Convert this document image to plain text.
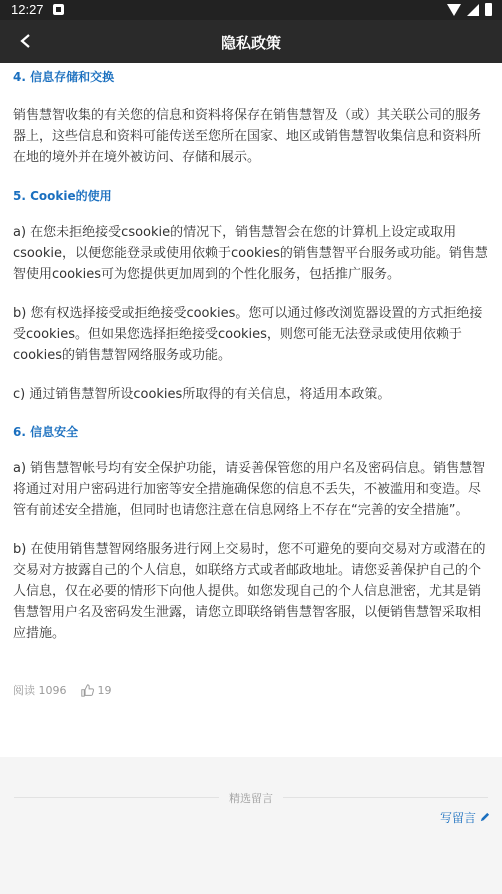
12:27
隐私政策
4. 信息存储和交换

销售慧智收集的有关您的信息和资料将保存在销售慧智及（或）其关联公司的服务器上，这些信息和资料可能传送至您所在国家、地区或销售慧智收集信息和资料所在地的境外并在境外被访问、存储和展示。

5. Cookie的使用

a) 在您未拒绝接受csookie的情况下，销售慧智会在您的计算机上设定或取用csookie，以便您能登录或使用依赖于cookies的销售慧智平台服务或功能。销售慧智使用cookies可为您提供更加周到的个性化服务，包括推广服务。

b) 您有权选择接受或拒绝接受cookies。您可以通过修改浏览器设置的方式拒绝接受cookies。但如果您选择拒绝接受cookies，则您可能无法登录或使用依赖于cookies的销售慧智网络服务或功能。

c) 通过销售慧智所设cookies所取得的有关信息，将适用本政策。

6. 信息安全

a) 销售慧智帐号均有安全保护功能，请妥善保管您的用户名及密码信息。销售慧智将通过对用户密码进行加密等安全措施确保您的信息不丢失，不被滥用和变造。尽管有前述安全措施，但同时也请您注意在信息网络上不存在“完善的安全措施”。

b) 在使用销售慧智网络服务进行网上交易时，您不可避免的要向交易对方或潜在的交易对方披露自己的个人信息，如联络方式或者邮政地址。请您妥善保护自己的个人信息，仅在必要的情形下向他人提供。如您发现自己的个人信息泄密，尤其是销售慧智用户名及密码发生泄露，请您立即联络销售慧智客服，以便销售慧智采取相应措施。

阅读 1096	19
精选留言
写留言
